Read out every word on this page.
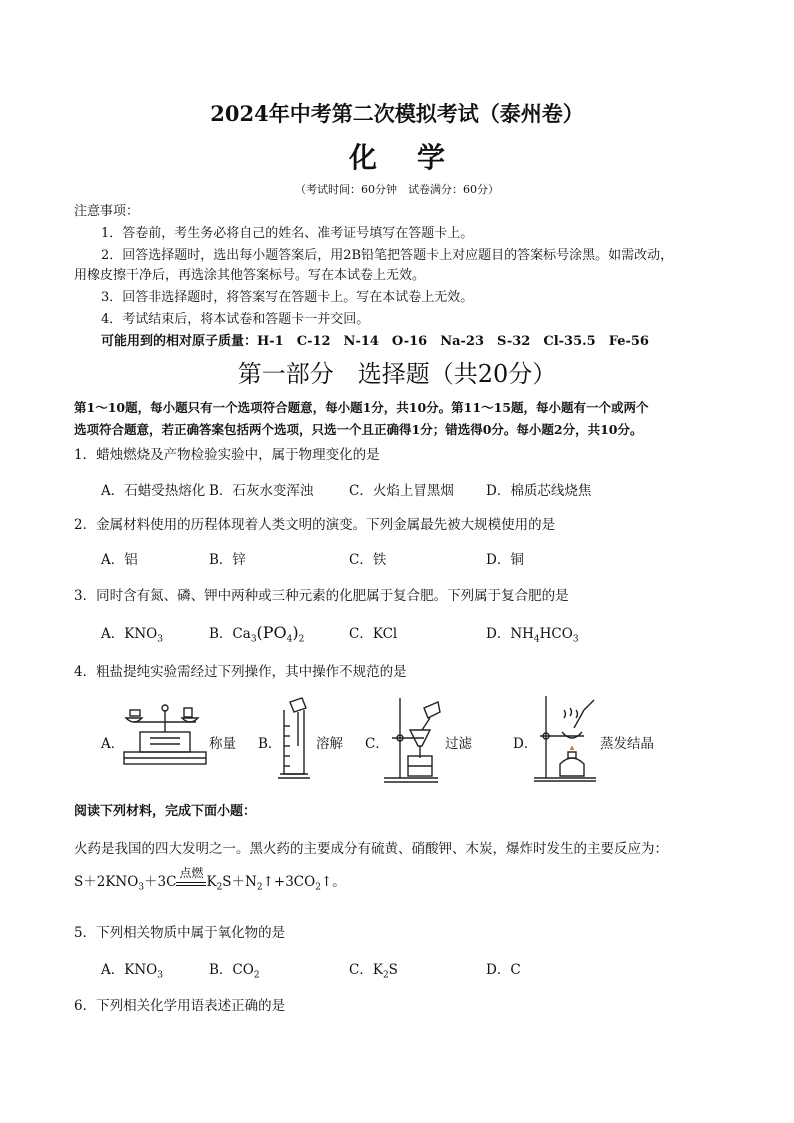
2024年中考第二次模拟考试（泰州卷）
化学
（考试时间：60分钟　试卷满分：60分）
注意事项：
1．答卷前，考生务必将自己的姓名、准考证号填写在答题卡上。
2．回答选择题时，选出每小题答案后，用2B铅笔把答题卡上对应题目的答案标号涂黑。如需改动，
用橡皮擦干净后，再选涂其他答案标号。写在本试卷上无效。
3．回答非选择题时，将答案写在答题卡上。写在本试卷上无效。
4．考试结束后，将本试卷和答题卡一并交回。
可能用到的相对原子质量：H-1　C-12　N-14　O-16　Na-23　S-32　Cl-35.5　Fe-56
第一部分　选择题（共20分）
第1～10题，每小题只有一个选项符合题意，每小题1分，共10分。第11～15题，每小题有一个或两个
选项符合题意，若正确答案包括两个选项，只选一个且正确得1分；错选得0分。每小题2分，共10分。
1．蜡烛燃烧及产物检验实验中，属于物理变化的是
A．石蜡受热熔化 B．石灰水变浑浊	C．火焰上冒黑烟 D．棉质芯线烧焦
2．金属材料使用的历程体现着人类文明的演变。下列金属最先被大规模使用的是
A．铝	B．锌	C．铁	D．铜
3．同时含有氮、磷、钾中两种或三种元素的化肥属于复合肥。下列属于复合肥的是
A．$KNO_3$	B．$Ca_3(PO_4)_2$	C．KCl	D．$NH_4HCO_3$
4．粗盐提纯实验需经过下列操作，其中操作不规范的是
A．	称量 B．	溶解 C．	过滤	D．	蒸发结晶
阅读下列材料，完成下面小题：
火药是我国的四大发明之一。黑火药的主要成分有硫黄、硝酸钾、木炭，爆炸时发生的主要反应为：
$S+2KNO_3+3C$
点燃
$K_2S+N_2↑+3CO_2↑$。
5．下列相关物质中属于氧化物的是
A．$KNO_3$	B．$CO_2$	C．$K_2S$	D．C
6．下列相关化学用语表述正确的是
